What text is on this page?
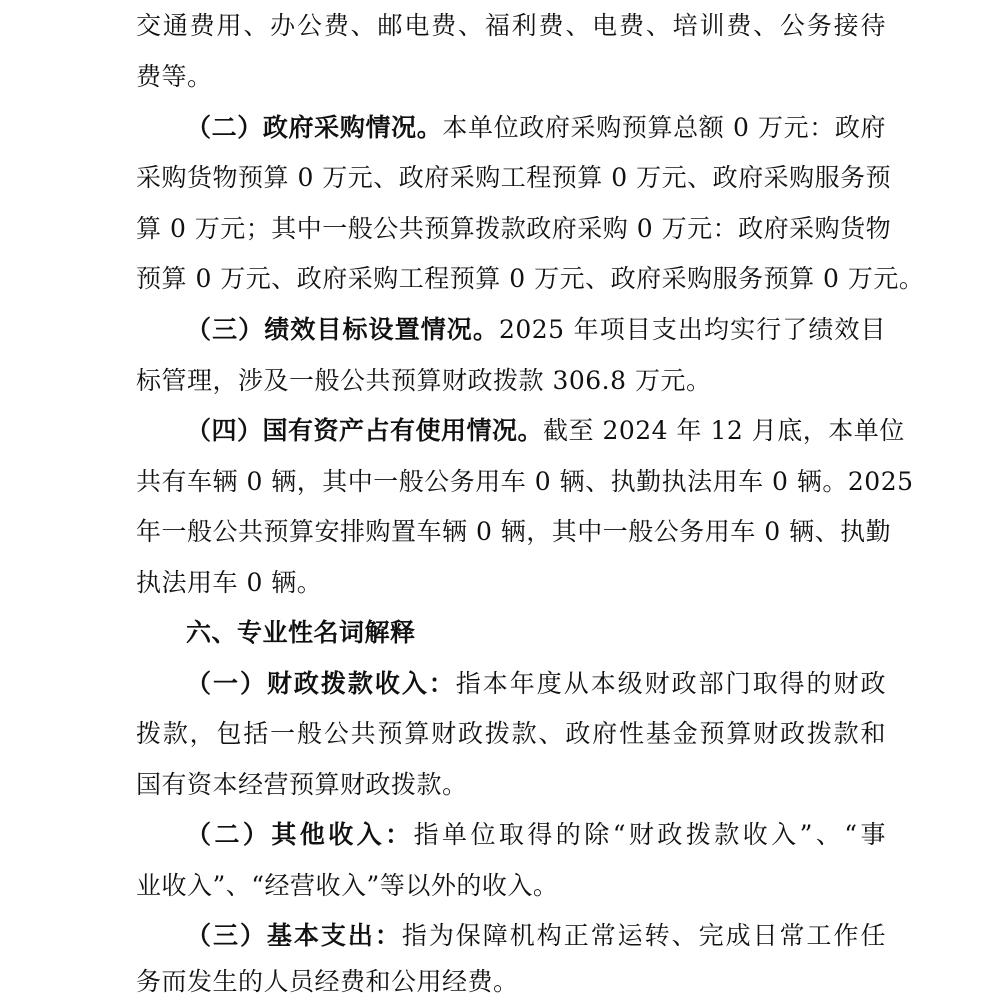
交通费用、办公费、邮电费、福利费、电费、培训费、公务接待
费等。
（二）政府采购情况。本单位政府采购预算总额 0 万元：政府
采购货物预算 0 万元、政府采购工程预算 0 万元、政府采购服务预
算 0 万元；其中一般公共预算拨款政府采购 0 万元：政府采购货物
预算 0 万元、政府采购工程预算 0 万元、政府采购服务预算 0 万元。
（三）绩效目标设置情况。2025 年项目支出均实行了绩效目
标管理，涉及一般公共预算财政拨款 306.8 万元。
（四）国有资产占有使用情况。截至 2024 年 12 月底，本单位
共有车辆 0 辆，其中一般公务用车 0 辆、执勤执法用车 0 辆。2025
年一般公共预算安排购置车辆 0 辆，其中一般公务用车 0 辆、执勤
执法用车 0 辆。
六、专业性名词解释
（一）财政拨款收入：指本年度从本级财政部门取得的财政
拨款，包括一般公共预算财政拨款、政府性基金预算财政拨款和
国有资本经营预算财政拨款。
（二）其他收入：指单位取得的除“财政拨款收入”、“事
业收入”、“经营收入”等以外的收入。
（三）基本支出：指为保障机构正常运转、完成日常工作任
务而发生的人员经费和公用经费。
